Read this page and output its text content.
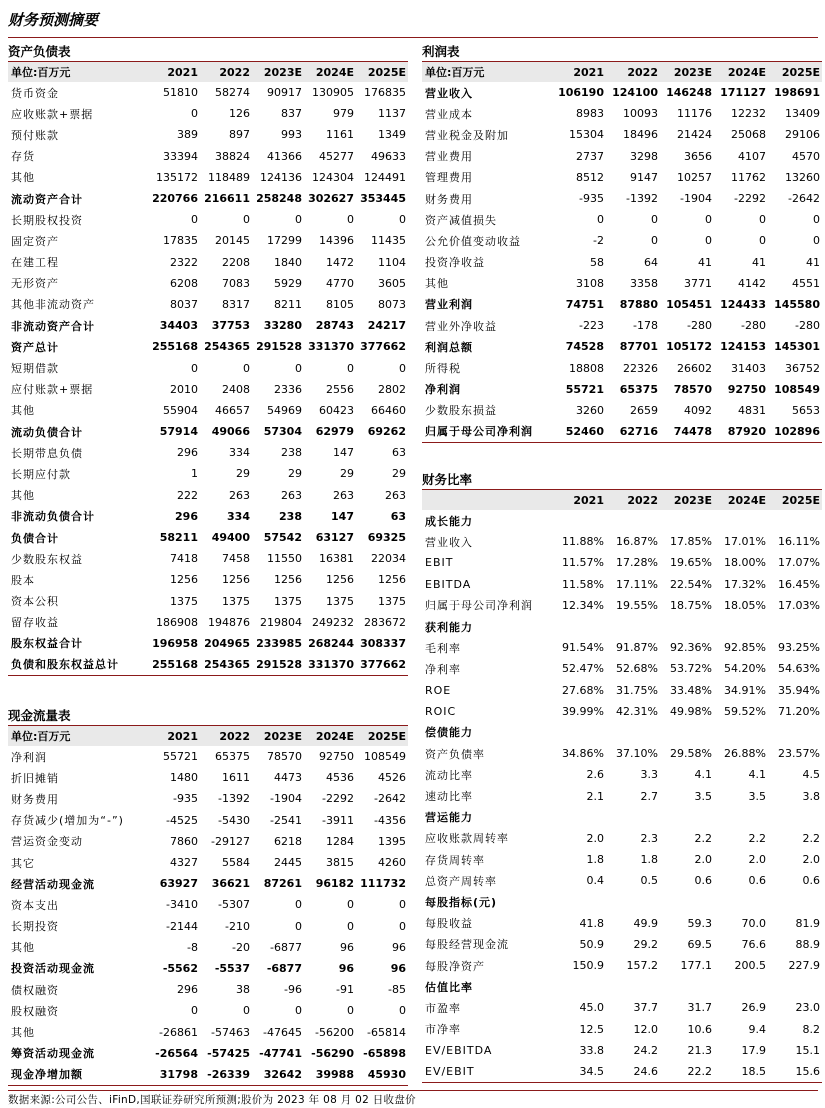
财务预测摘要
资产负债表
单位:百万元	2021	2022	2023E	2024E	2025E
货币资金	51810	58274	90917	130905	176835
应收账款+票据	0	126	837	979	1137
预付账款	389	897	993	1161	1349
存货	33394	38824	41366	45277	49633
其他	135172	118489	124136	124304	124491
流动资产合计	220766	216611	258248	302627	353445
长期股权投资	0	0	0	0	0
固定资产	17835	20145	17299	14396	11435
在建工程	2322	2208	1840	1472	1104
无形资产	6208	7083	5929	4770	3605
其他非流动资产	8037	8317	8211	8105	8073
非流动资产合计	34403	37753	33280	28743	24217
资产总计	255168	254365	291528	331370	377662
短期借款	0	0	0	0	0
应付账款+票据	2010	2408	2336	2556	2802
其他	55904	46657	54969	60423	66460
流动负债合计	57914	49066	57304	62979	69262
长期带息负债	296	334	238	147	63
长期应付款	1	29	29	29	29
其他	222	263	263	263	263
非流动负债合计	296	334	238	147	63
负债合计	58211	49400	57542	63127	69325
少数股东权益	7418	7458	11550	16381	22034
股本	1256	1256	1256	1256	1256
资本公积	1375	1375	1375	1375	1375
留存收益	186908	194876	219804	249232	283672
股东权益合计	196958	204965	233985	268244	308337
负债和股东权益总计	255168	254365	291528	331370	377662
现金流量表
单位:百万元	2021	2022	2023E	2024E	2025E
净利润	55721	65375	78570	92750	108549
折旧摊销	1480	1611	4473	4536	4526
财务费用	-935	-1392	-1904	-2292	-2642
存货减少(增加为“-”)	-4525	-5430	-2541	-3911	-4356
营运资金变动	7860	-29127	6218	1284	1395
其它	4327	5584	2445	3815	4260
经营活动现金流	63927	36621	87261	96182	111732
资本支出	-3410	-5307	0	0	0
长期投资	-2144	-210	0	0	0
其他	-8	-20	-6877	96	96
投资活动现金流	-5562	-5537	-6877	96	96
债权融资	296	38	-96	-91	-85
股权融资	0	0	0	0	0
其他	-26861	-57463	-47645	-56200	-65814
筹资活动现金流	-26564	-57425	-47741	-56290	-65898
现金净增加额	31798	-26339	32642	39988	45930
利润表
单位:百万元	2021	2022	2023E	2024E	2025E
营业收入	106190	124100	146248	171127	198691
营业成本	8983	10093	11176	12232	13409
营业税金及附加	15304	18496	21424	25068	29106
营业费用	2737	3298	3656	4107	4570
管理费用	8512	9147	10257	11762	13260
财务费用	-935	-1392	-1904	-2292	-2642
资产减值损失	0	0	0	0	0
公允价值变动收益	-2	0	0	0	0
投资净收益	58	64	41	41	41
其他	3108	3358	3771	4142	4551
营业利润	74751	87880	105451	124433	145580
营业外净收益	-223	-178	-280	-280	-280
利润总额	74528	87701	105172	124153	145301
所得税	18808	22326	26602	31403	36752
净利润	55721	65375	78570	92750	108549
少数股东损益	3260	2659	4092	4831	5653
归属于母公司净利润	52460	62716	74478	87920	102896
财务比率
	2021	2022	2023E	2024E	2025E
成长能力					
营业收入	11.88%	16.87%	17.85%	17.01%	16.11%
EBIT	11.57%	17.28%	19.65%	18.00%	17.07%
EBITDA	11.58%	17.11%	22.54%	17.32%	16.45%
归属于母公司净利润	12.34%	19.55%	18.75%	18.05%	17.03%
获利能力					
毛利率	91.54%	91.87%	92.36%	92.85%	93.25%
净利率	52.47%	52.68%	53.72%	54.20%	54.63%
ROE	27.68%	31.75%	33.48%	34.91%	35.94%
ROIC	39.99%	42.31%	49.98%	59.52%	71.20%
偿债能力					
资产负债率	34.86%	37.10%	29.58%	26.88%	23.57%
流动比率	2.6	3.3	4.1	4.1	4.5
速动比率	2.1	2.7	3.5	3.5	3.8
营运能力					
应收账款周转率	2.0	2.3	2.2	2.2	2.2
存货周转率	1.8	1.8	2.0	2.0	2.0
总资产周转率	0.4	0.5	0.6	0.6	0.6
每股指标(元)					
每股收益	41.8	49.9	59.3	70.0	81.9
每股经营现金流	50.9	29.2	69.5	76.6	88.9
每股净资产	150.9	157.2	177.1	200.5	227.9
估值比率					
市盈率	45.0	37.7	31.7	26.9	23.0
市净率	12.5	12.0	10.6	9.4	8.2
EV/EBITDA	33.8	24.2	21.3	17.9	15.1
EV/EBIT	34.5	24.6	22.2	18.5	15.6
数据来源:公司公告、iFinD,国联证券研究所预测;股价为 2023 年 08 月 02 日收盘价
